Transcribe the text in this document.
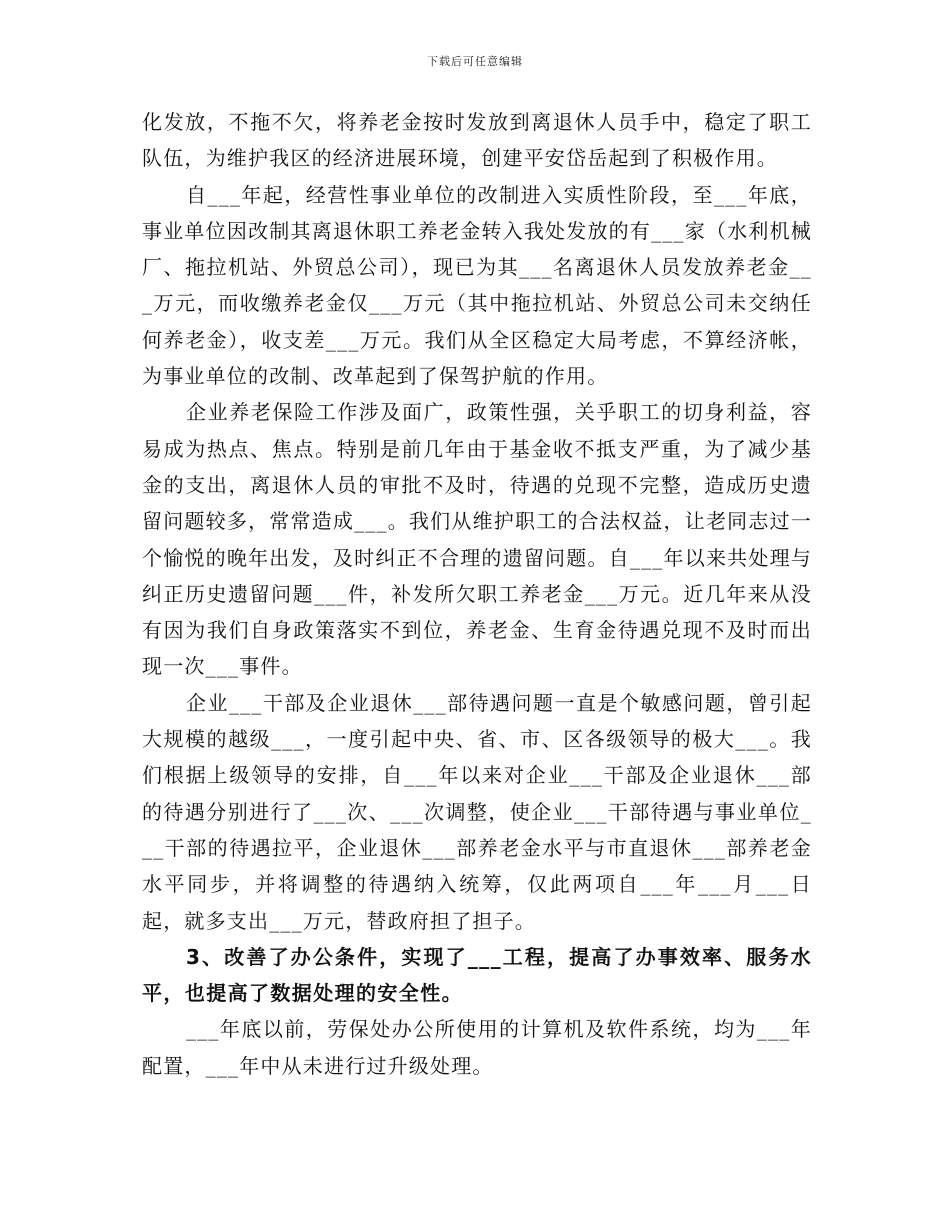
下载后可任意编辑

化发放，不拖不欠，将养老金按时发放到离退休人员手中，稳定了职工队伍，为维护我区的经济进展环境，创建平安岱岳起到了积极作用。

自___年起，经营性事业单位的改制进入实质性阶段，至___年底，事业单位因改制其离退休职工养老金转入我处发放的有___家（水利机械厂、拖拉机站、外贸总公司），现已为其___名离退休人员发放养老金___万元，而收缴养老金仅___万元（其中拖拉机站、外贸总公司未交纳任何养老金），收支差___万元。我们从全区稳定大局考虑，不算经济帐，为事业单位的改制、改革起到了保驾护航的作用。

企业养老保险工作涉及面广，政策性强，关乎职工的切身利益，容易成为热点、焦点。特别是前几年由于基金收不抵支严重，为了减少基金的支出，离退休人员的审批不及时，待遇的兑现不完整，造成历史遗留问题较多，常常造成___。我们从维护职工的合法权益，让老同志过一个愉悦的晚年出发，及时纠正不合理的遗留问题。自___年以来共处理与纠正历史遗留问题___件，补发所欠职工养老金___万元。近几年来从没有因为我们自身政策落实不到位，养老金、生育金待遇兑现不及时而出现一次___事件。

企业___干部及企业退休___部待遇问题一直是个敏感问题，曾引起大规模的越级___，一度引起中央、省、市、区各级领导的极大___。我们根据上级领导的安排，自___年以来对企业___干部及企业退休___部的待遇分别进行了___次、___次调整，使企业___干部待遇与事业单位___干部的待遇拉平，企业退休___部养老金水平与市直退休___部养老金水平同步，并将调整的待遇纳入统筹，仅此两项自___年___月___日起，就多支出___万元，替政府担了担子。

3、改善了办公条件，实现了___工程，提高了办事效率、服务水平，也提高了数据处理的安全性。

___年底以前，劳保处办公所使用的计算机及软件系统，均为___年配置，___年中从未进行过升级处理。
